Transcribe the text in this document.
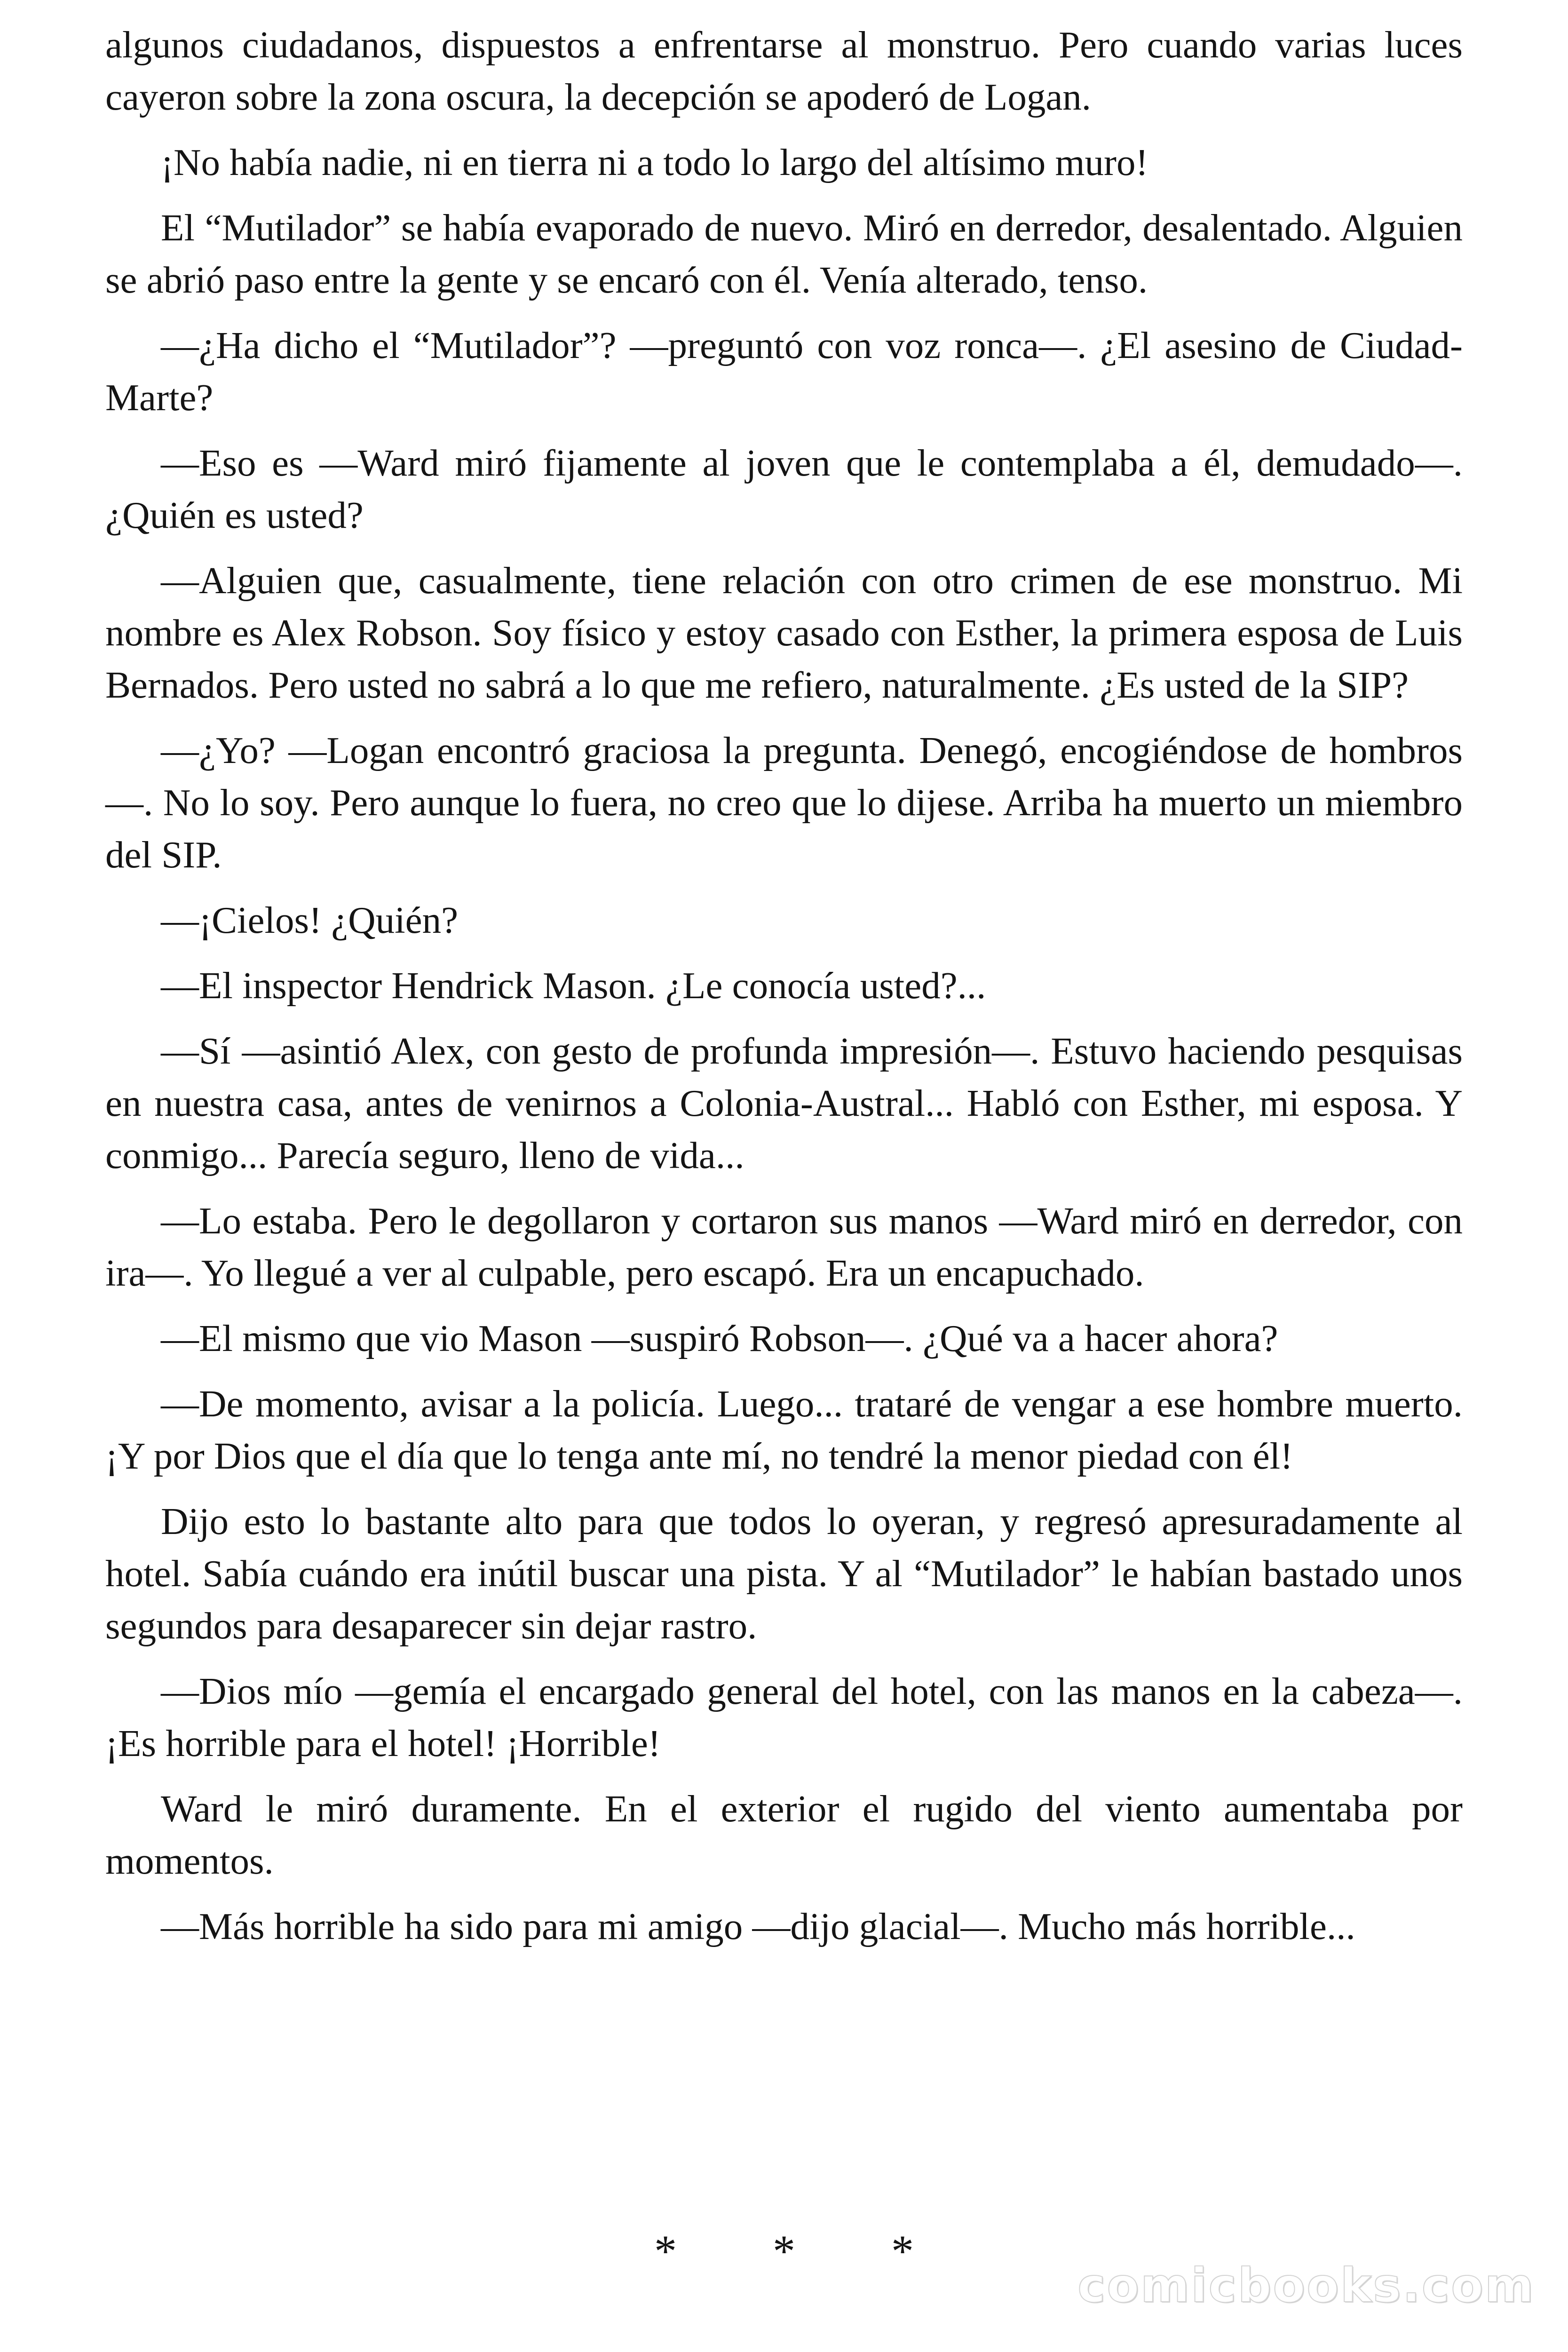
algunos ciudadanos, dispuestos a enfrentarse al monstruo. Pero cuando varias luces cayeron sobre la zona oscura, la decepción se apoderó de Logan.

¡No había nadie, ni en tierra ni a todo lo largo del altísimo muro!

El “Mutilador” se había evaporado de nuevo. Miró en derredor, desalentado. Alguien se abrió paso entre la gente y se encaró con él. Venía alterado, tenso.

—¿Ha dicho el “Mutilador”? —preguntó con voz ronca—. ¿El asesino de Ciudad-Marte?

—Eso es —Ward miró fijamente al joven que le contemplaba a él, demudado—. ¿Quién es usted?

—Alguien que, casualmente, tiene relación con otro crimen de ese monstruo. Mi nombre es Alex Robson. Soy físico y estoy casado con Esther, la primera esposa de Luis Bernados. Pero usted no sabrá a lo que me refiero, naturalmente. ¿Es usted de la SIP?

—¿Yo? —Logan encontró graciosa la pregunta. Denegó, encogiéndose de hombros—. No lo soy. Pero aunque lo fuera, no creo que lo dijese. Arriba ha muerto un miembro del SIP.

—¡Cielos! ¿Quién?

—El inspector Hendrick Mason. ¿Le conocía usted?...

—Sí —asintió Alex, con gesto de profunda impresión—. Estuvo haciendo pesquisas en nuestra casa, antes de venirnos a Colonia-Austral... Habló con Esther, mi esposa. Y conmigo... Parecía seguro, lleno de vida...

—Lo estaba. Pero le degollaron y cortaron sus manos —Ward miró en derredor, con ira—. Yo llegué a ver al culpable, pero escapó. Era un encapuchado.

—El mismo que vio Mason —suspiró Robson—. ¿Qué va a hacer ahora?

—De momento, avisar a la policía. Luego... trataré de vengar a ese hombre muerto. ¡Y por Dios que el día que lo tenga ante mí, no tendré la menor piedad con él!

Dijo esto lo bastante alto para que todos lo oyeran, y regresó apresuradamente al hotel. Sabía cuándo era inútil buscar una pista. Y al “Mutilador” le habían bastado unos segundos para desaparecer sin dejar rastro.

—Dios mío —gemía el encargado general del hotel, con las manos en la cabeza—. ¡Es horrible para el hotel! ¡Horrible!

Ward le miró duramente. En el exterior el rugido del viento aumentaba por momentos.

—Más horrible ha sido para mi amigo —dijo glacial—. Mucho más horrible...

* * *
comicbooks.com
